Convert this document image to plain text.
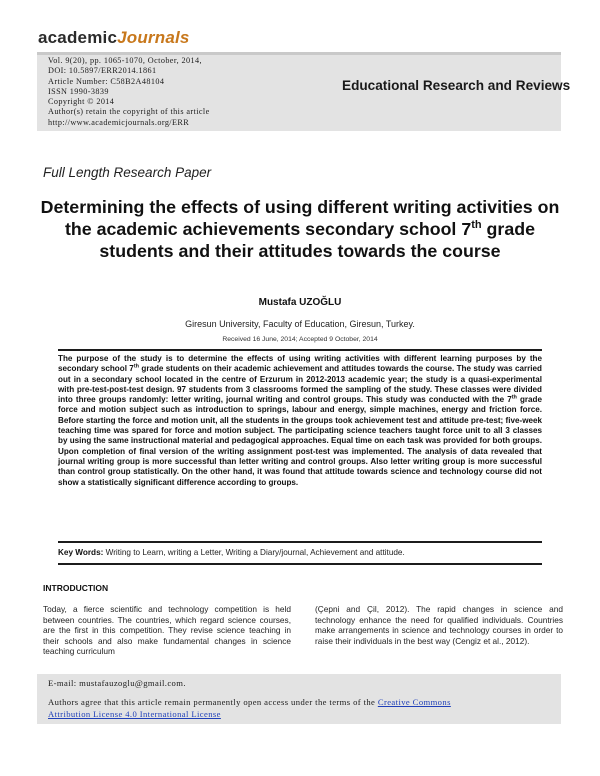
academicJournals
Vol. 9(20), pp. 1065-1070, October, 2014,
DOI: 10.5897/ERR2014.1861
Article Number: C58B2A48104
ISSN 1990-3839
Copyright © 2014
Author(s) retain the copyright of this article
http://www.academicjournals.org/ERR
Educational Research and Reviews
Full Length Research Paper
Determining the effects of using different writing activities on the academic achievements secondary school 7th grade students and their attitudes towards the course
Mustafa UZOĞLU
Giresun University, Faculty of Education, Giresun, Turkey.
Received 16 June, 2014; Accepted 9 October, 2014
The purpose of the study is to determine the effects of using writing activities with different learning purposes by the secondary school 7th grade students on their academic achievement and attitudes towards the course. The study was carried out in a secondary school located in the centre of Erzurum in 2012-2013 academic year; the study is a quasi-experimental with pre-test-post-test design. 97 students from 3 classrooms formed the sampling of the study. These classes were divided into three groups randomly: letter writing, journal writing and control groups. This study was conducted with the 7th grade force and motion subject such as introduction to springs, labour and energy, simple machines, energy and friction force. Before starting the force and motion unit, all the students in the groups took achievement test and attitude pre-test; five-week teaching time was spared for force and motion subject. The participating science teachers taught force unit to all 3 classes by using the same instructional material and pedagogical approaches. Equal time on each task was provided for both groups. Upon completion of final version of the writing assignment post-test was implemented. The analysis of data revealed that journal writing group is more successful than letter writing and control groups. Also letter writing group is more successful than control group statistically. On the other hand, it was found that attitude towards science and technology course did not show a statistically significant difference according to groups.
Key Words: Writing to Learn, writing a Letter, Writing a Diary/journal, Achievement and attitude.
INTRODUCTION
Today, a fierce scientific and technology competition is held between countries. The countries, which regard science courses, are the first in this competition. They revise science teaching in their schools and also make fundamental changes in science teaching curriculum
(Çepni and Çil, 2012). The rapid changes in science and technology enhance the need for qualified individuals. Countries make arrangements in science and technology courses in order to raise their individuals in the best way (Cengiz et al., 2012).
E-mail: mustafauzoglu@gmail.com.
Authors agree that this article remain permanently open access under the terms of the Creative Commons
Attribution License 4.0 International License
